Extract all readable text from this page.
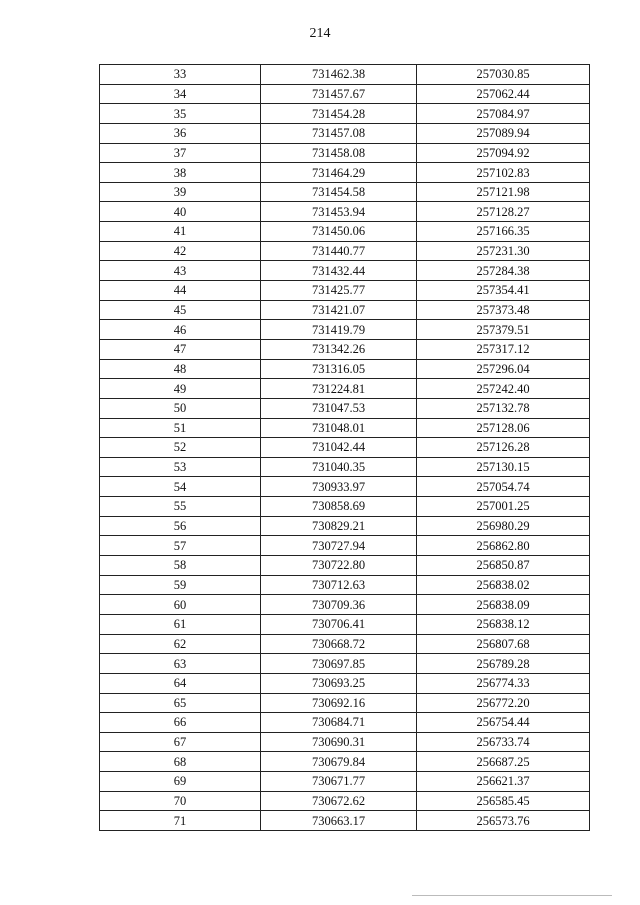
214
33	731462.38	257030.85
34	731457.67	257062.44
35	731454.28	257084.97
36	731457.08	257089.94
37	731458.08	257094.92
38	731464.29	257102.83
39	731454.58	257121.98
40	731453.94	257128.27
41	731450.06	257166.35
42	731440.77	257231.30
43	731432.44	257284.38
44	731425.77	257354.41
45	731421.07	257373.48
46	731419.79	257379.51
47	731342.26	257317.12
48	731316.05	257296.04
49	731224.81	257242.40
50	731047.53	257132.78
51	731048.01	257128.06
52	731042.44	257126.28
53	731040.35	257130.15
54	730933.97	257054.74
55	730858.69	257001.25
56	730829.21	256980.29
57	730727.94	256862.80
58	730722.80	256850.87
59	730712.63	256838.02
60	730709.36	256838.09
61	730706.41	256838.12
62	730668.72	256807.68
63	730697.85	256789.28
64	730693.25	256774.33
65	730692.16	256772.20
66	730684.71	256754.44
67	730690.31	256733.74
68	730679.84	256687.25
69	730671.77	256621.37
70	730672.62	256585.45
71	730663.17	256573.76
